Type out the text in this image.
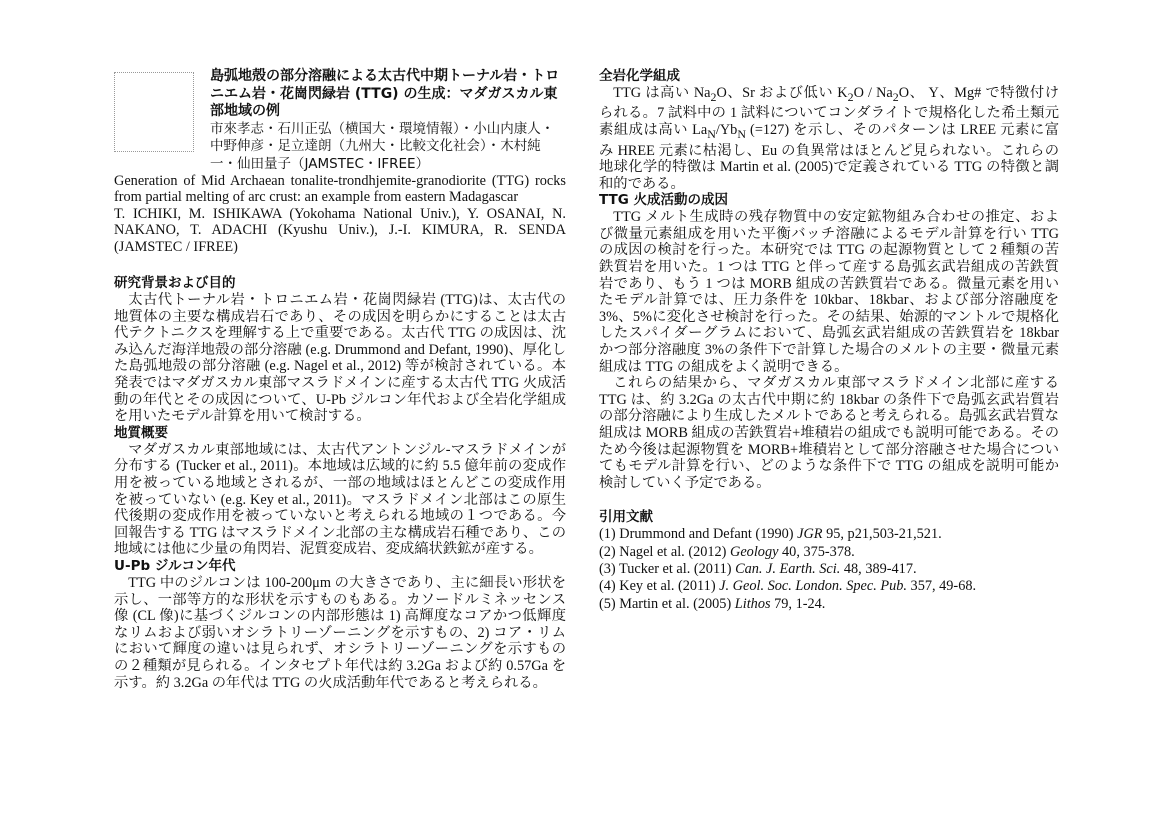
島弧地殻の部分溶融による太古代中期トーナル岩・トロニエム岩・花崗閃緑岩 (TTG) の生成：マダガスカル東部地域の例

市來孝志・石川正弘（横国大・環境情報）・小山内康人・中野伸彦・足立達朗（九州大・比較文化社会）・木村純一・仙田量子（JAMSTEC・IFREE）

Generation of Mid Archaean tonalite-trondhjemite-granodiorite (TTG) rocks from partial melting of arc crust: an example from eastern Madagascar

T. ICHIKI, M. ISHIKAWA (Yokohama National Univ.), Y. OSANAI, N. NAKANO, T. ADACHI (Kyushu Univ.), J.-I. KIMURA, R. SENDA (JAMSTEC / IFREE)

研究背景および目的

太古代トーナル岩・トロニエム岩・花崗閃緑岩 (TTG)は、太古代の地質体の主要な構成岩石であり、その成因を明らかにすることは太古代テクトニクスを理解する上で重要である。太古代 TTG の成因は、沈み込んだ海洋地殻の部分溶融 (e.g. Drummond and Defant, 1990)、厚化した島弧地殻の部分溶融 (e.g. Nagel et al., 2012) 等が検討されている。本発表ではマダガスカル東部マスラドメインに産する太古代 TTG 火成活動の年代とその成因について、U-Pb ジルコン年代および全岩化学組成を用いたモデル計算を用いて検討する。

地質概要

マダガスカル東部地域には、太古代アントンジル-マスラドメインが分布する (Tucker et al., 2011)。本地域は広域的に約 5.5 億年前の変成作用を被っている地域とされるが、一部の地域はほとんどこの変成作用を被っていない (e.g. Key et al., 2011)。マスラドメイン北部はこの原生代後期の変成作用を被っていないと考えられる地域の１つである。今回報告する TTG はマスラドメイン北部の主な構成岩石種であり、この地域には他に少量の角閃岩、泥質変成岩、変成縞状鉄鉱が産する。

U-Pb ジルコン年代

TTG 中のジルコンは 100-200μm の大きさであり、主に細長い形状を示し、一部等方的な形状を示すものもある。カソードルミネッセンス像 (CL 像)に基づくジルコンの内部形態は 1) 高輝度なコアかつ低輝度なリムおよび弱いオシラトリーゾーニングを示すもの、2) コア・リムにおいて輝度の違いは見られず、オシラトリーゾーニングを示すものの２種類が見られる。インタセプト年代は約 3.2Ga および約 0.57Ga を示す。約 3.2Ga の年代は TTG の火成活動年代であると考えられる。

全岩化学組成

TTG は高い $Na_2O$、Sr および低い $K_2O / Na_2O$、 Y、Mg# で特徴付けられる。7 試料中の 1 試料についてコンダライトで規格化した希土類元素組成は高い $La_N/Yb_N$ (=127) を示し、そのパターンは LREE 元素に富み HREE 元素に枯渇し、Eu の負異常はほとんど見られない。これらの地球化学的特徴は Martin et al. (2005)で定義されている TTG の特徴と調和的である。

TTG 火成活動の成因

TTG メルト生成時の残存物質中の安定鉱物組み合わせの推定、および微量元素組成を用いた平衡バッチ溶融によるモデル計算を行い TTG の成因の検討を行った。本研究では TTG の起源物質として 2 種類の苦鉄質岩を用いた。1 つは TTG と伴って産する島弧玄武岩組成の苦鉄質岩であり、もう 1 つは MORB 組成の苦鉄質岩である。微量元素を用いたモデル計算では、圧力条件を 10kbar、18kbar、および部分溶融度を 3%、5%に変化させ検討を行った。その結果、始源的マントルで規格化したスパイダーグラムにおいて、島弧玄武岩組成の苦鉄質岩を 18kbar かつ部分溶融度 3%の条件下で計算した場合のメルトの主要・微量元素組成は TTG の組成をよく説明できる。

これらの結果から、マダガスカル東部マスラドメイン北部に産する TTG は、約 3.2Ga の太古代中期に約 18kbar の条件下で島弧玄武岩質岩の部分溶融により生成したメルトであると考えられる。島弧玄武岩質な組成は MORB 組成の苦鉄質岩+堆積岩の組成でも説明可能である。そのため今後は起源物質を MORB+堆積岩として部分溶融させた場合についてもモデル計算を行い、どのような条件下で TTG の組成を説明可能か検討していく予定である。

引用文献

(1) Drummond and Defant (1990) JGR 95, p21,503-21,521.
(2) Nagel et al. (2012) Geology 40, 375-378.
(3) Tucker et al. (2011) Can. J. Earth. Sci. 48, 389-417.
(4) Key et al. (2011) J. Geol. Soc. London. Spec. Pub. 357, 49-68.
(5) Martin et al. (2005) Lithos 79, 1-24.
